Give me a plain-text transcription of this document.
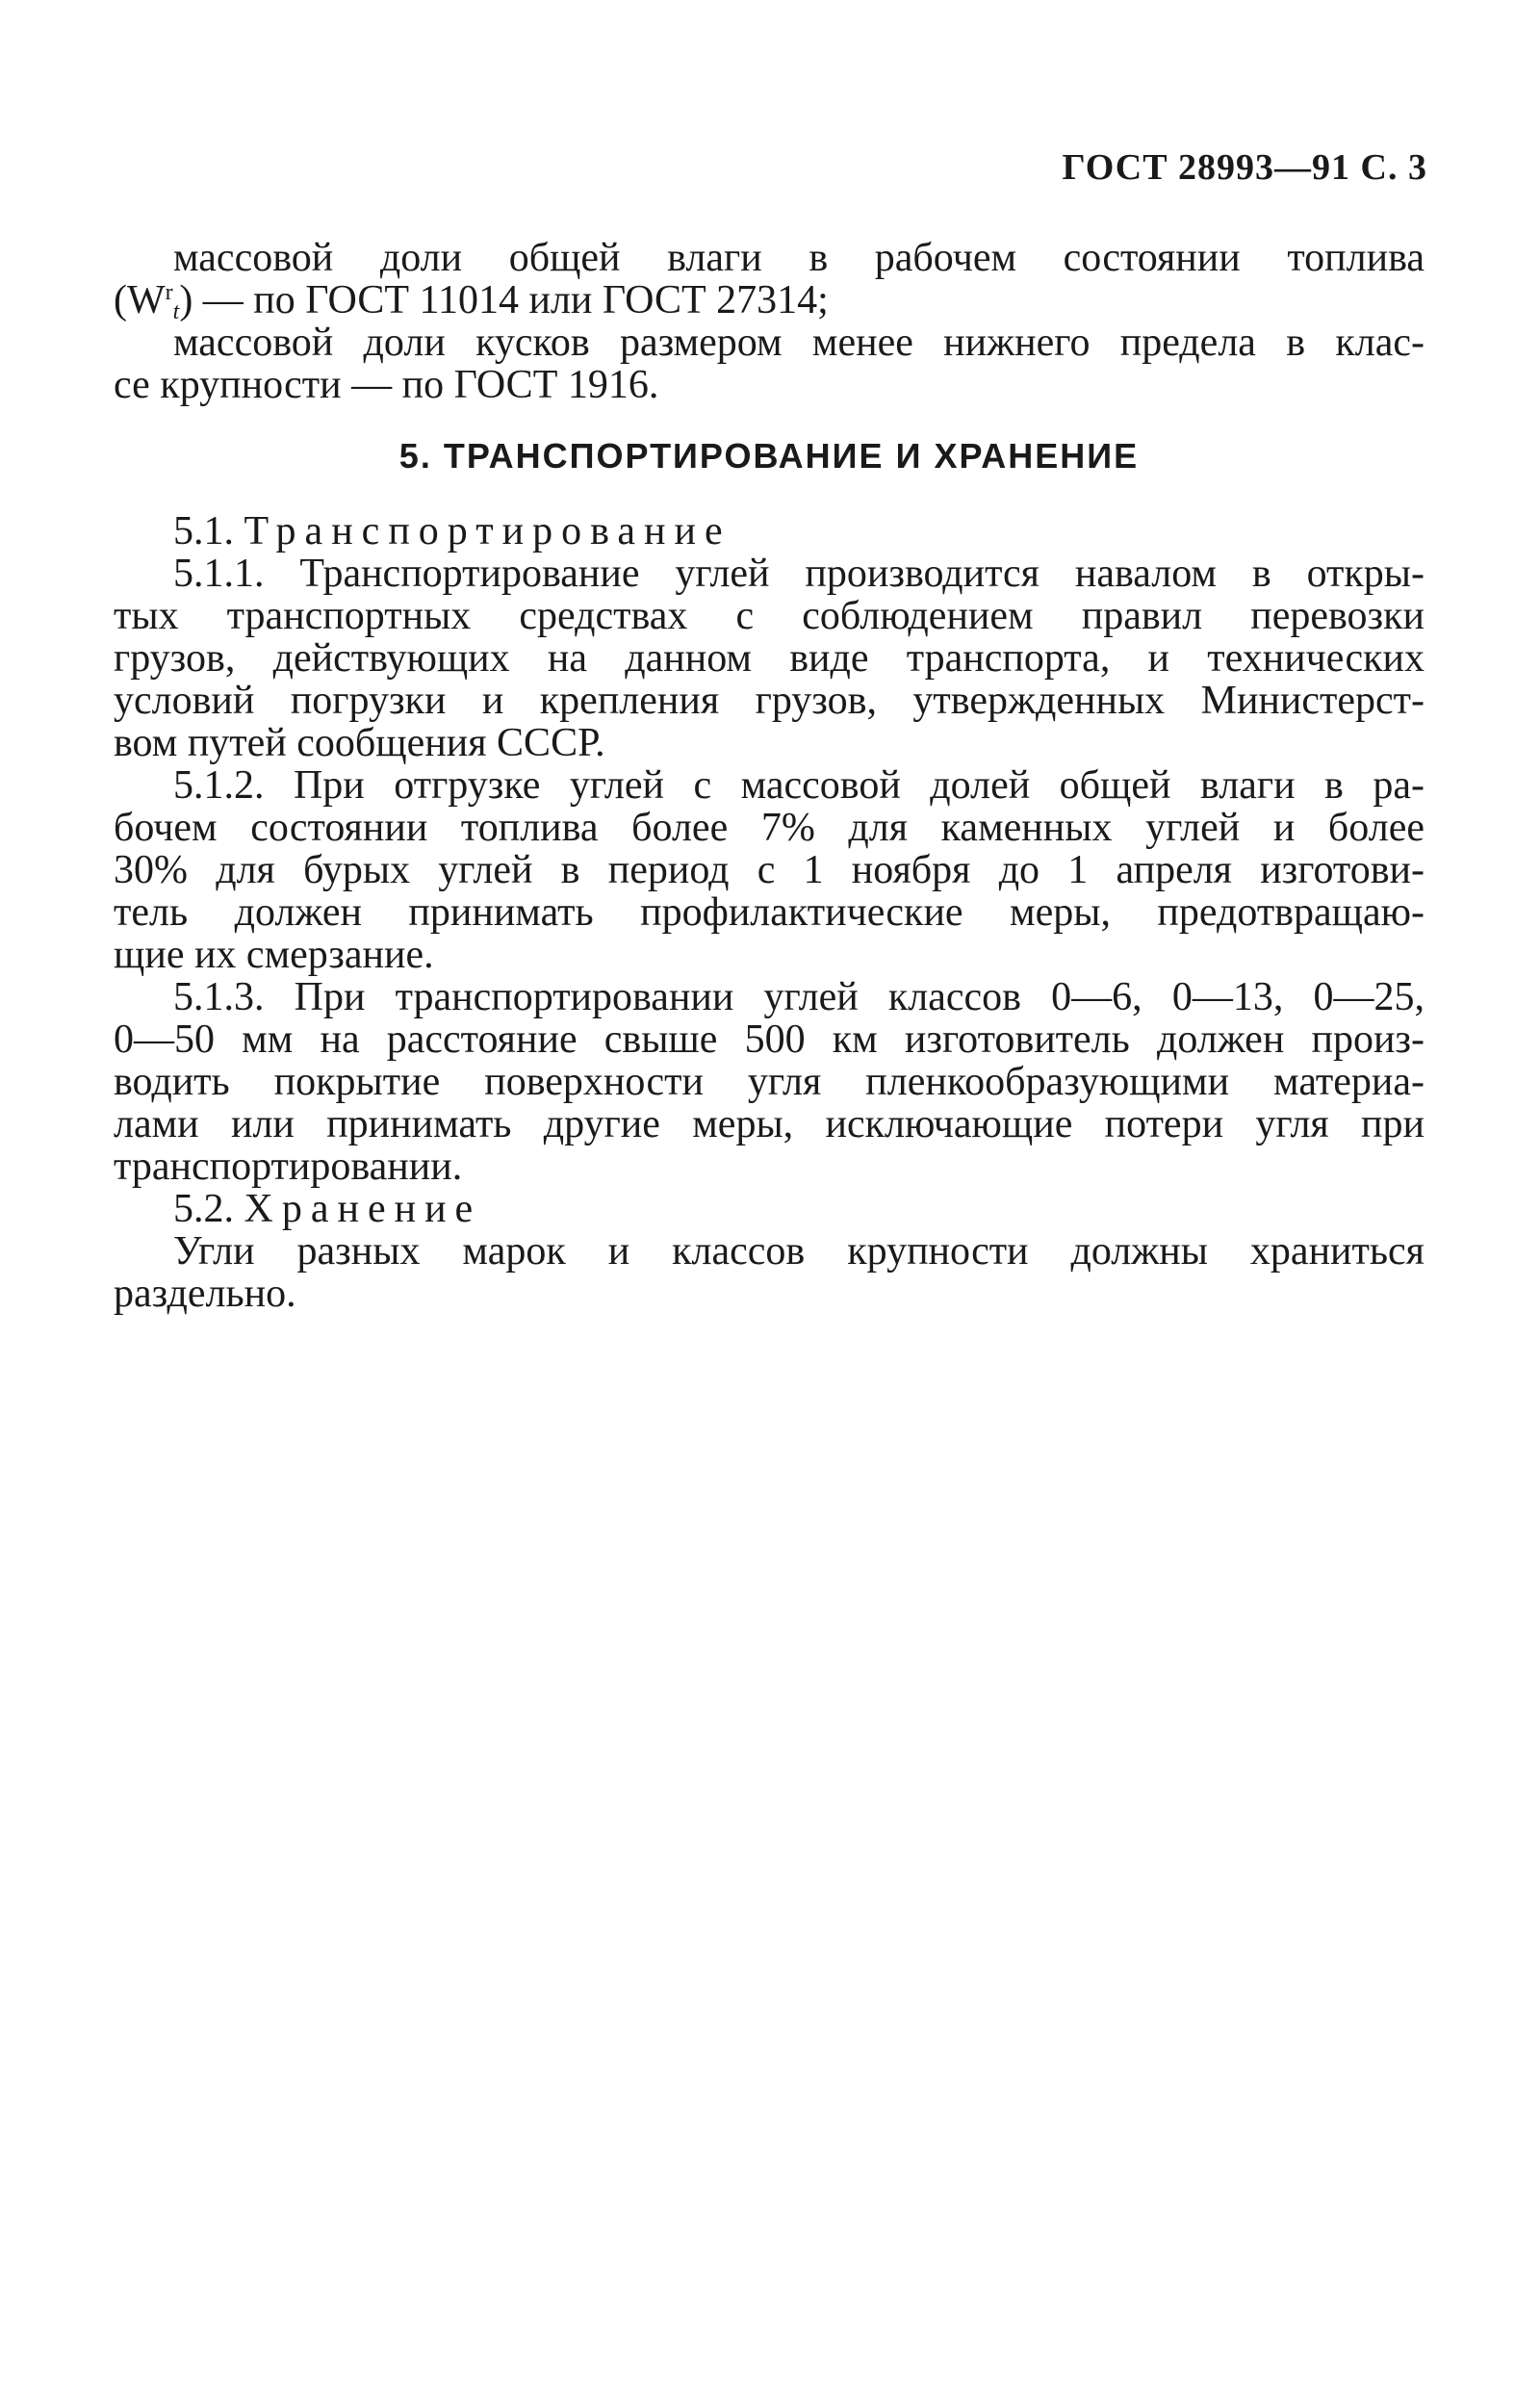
ГОСТ 28993—91 С. 3
массовой доли общей влаги в рабочем состоянии топлива
$(W^r_t)$ — по ГОСТ 11014 или ГОСТ 27314;
массовой доли кусков размером менее нижнего предела в клас-
се крупности — по ГОСТ 1916.
5. ТРАНСПОРТИРОВАНИЕ И ХРАНЕНИЕ
5.1. Транспортирование
5.1.1. Транспортирование углей производится навалом в откры-
тых транспортных средствах с соблюдением правил перевозки
грузов, действующих на данном виде транспорта, и технических
условий погрузки и крепления грузов, утвержденных Министерст-
вом путей сообщения СССР.
5.1.2. При отгрузке углей с массовой долей общей влаги в ра-
бочем состоянии топлива более 7% для каменных углей и более
30% для бурых углей в период с 1 ноября до 1 апреля изготови-
тель должен принимать профилактические меры, предотвращаю-
щие их смерзание.
5.1.3. При транспортировании углей классов 0—6, 0—13, 0—25,
0—50 мм на расстояние свыше 500 км изготовитель должен произ-
водить покрытие поверхности угля пленкообразующими материа-
лами или принимать другие меры, исключающие потери угля при
транспортировании.
5.2. Хранение
Угли разных марок и классов крупности должны храниться
раздельно.
